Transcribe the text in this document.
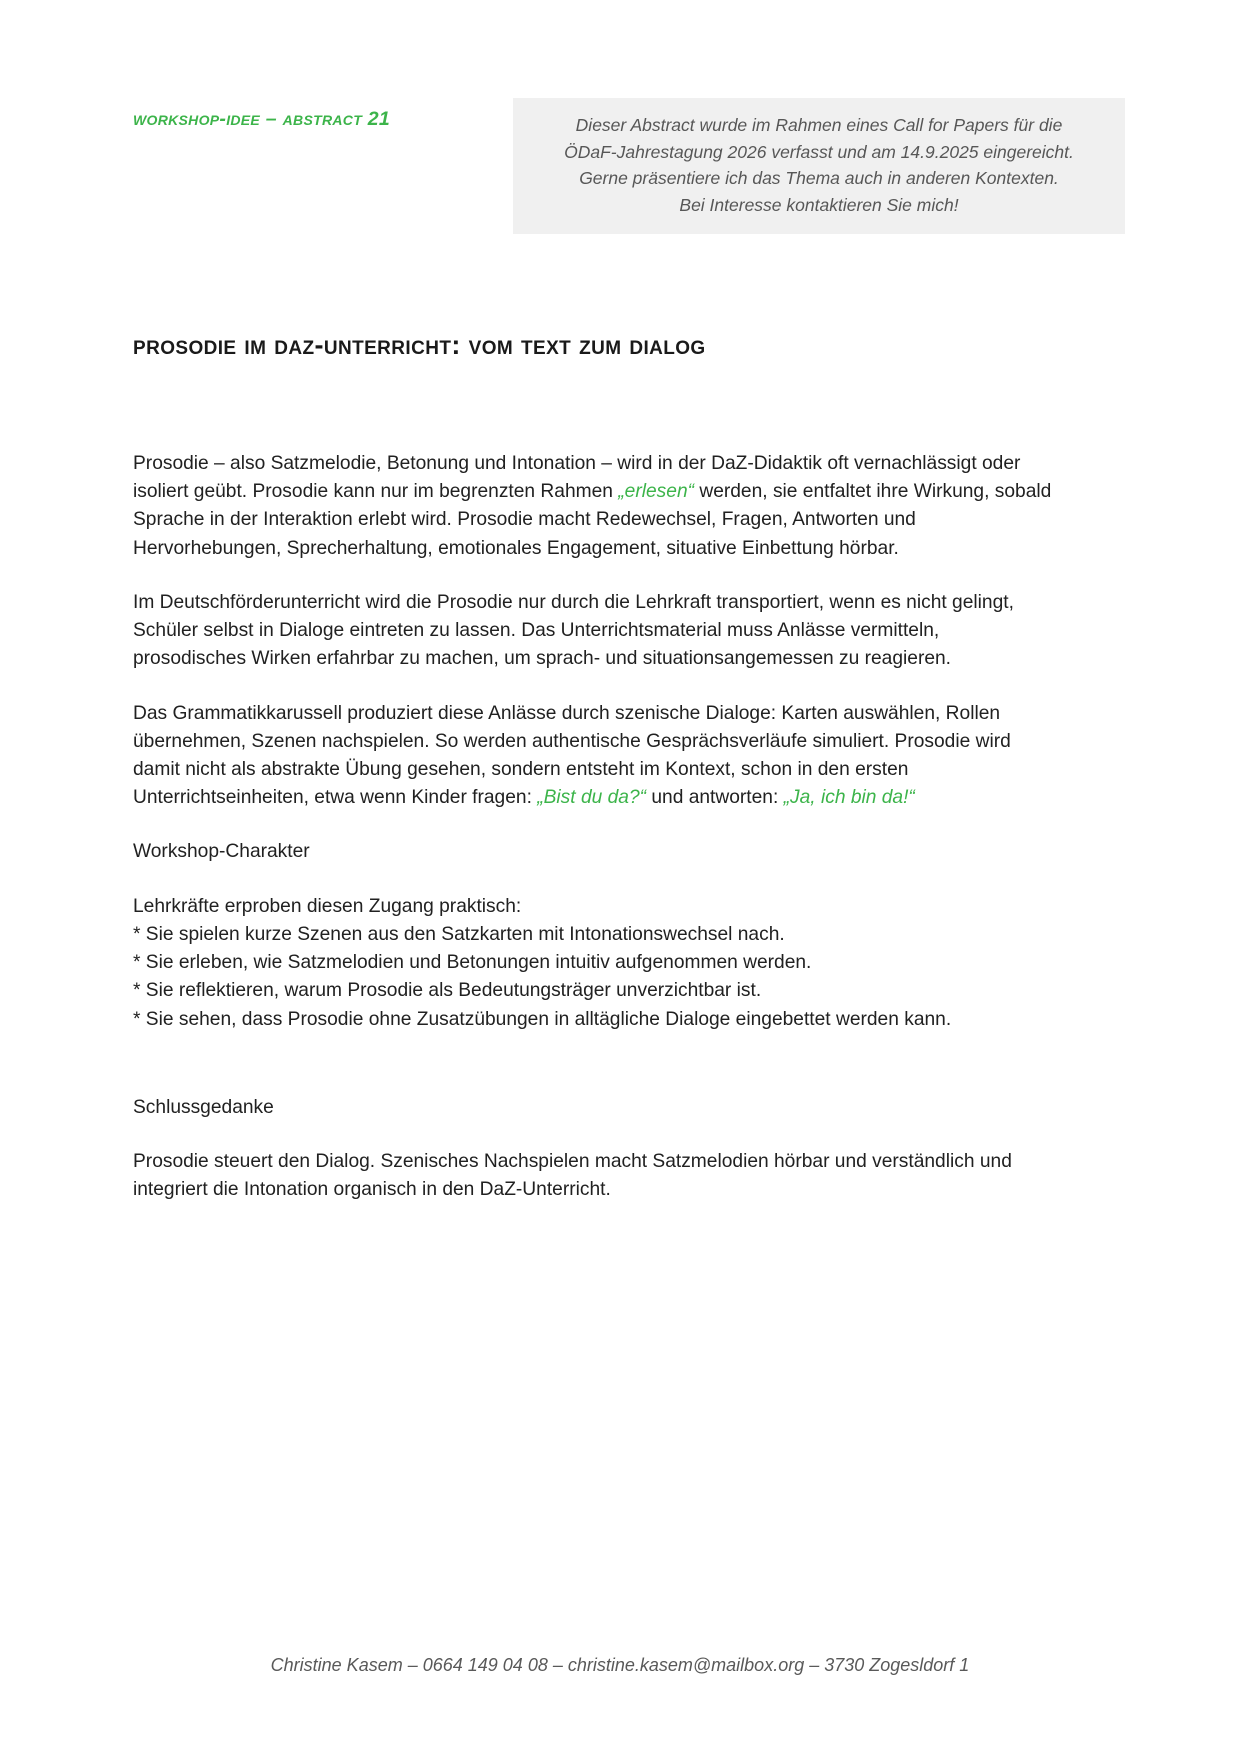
workshop-idee – abstract 21	Dieser Abstract wurde im Rahmen eines Call for Papers für die
ÖDaF-Jahrestagung 2026 verfasst und am 14.9.2025 eingereicht.
Gerne präsentiere ich das Thema auch in anderen Kontexten.
Bei Interesse kontaktieren Sie mich!
prosodie im daz-unterricht: vom text zum dialog

Prosodie – also Satzmelodie, Betonung und Intonation – wird in der DaZ-Didaktik oft vernachlässigt oder isoliert geübt. Prosodie kann nur im begrenzten Rahmen „erlesen“ werden, sie entfaltet ihre Wirkung, sobald Sprache in der Interaktion erlebt wird. Prosodie macht Redewechsel, Fragen, Antworten und Hervorhebungen, Sprecherhaltung, emotionales Engagement, situative Einbettung hörbar.

Im Deutschförderunterricht wird die Prosodie nur durch die Lehrkraft transportiert, wenn es nicht gelingt, Schüler selbst in Dialoge eintreten zu lassen. Das Unterrichtsmaterial muss Anlässe vermitteln, prosodisches Wirken erfahrbar zu machen, um sprach- und situationsangemessen zu reagieren.

Das Grammatikkarussell produziert diese Anlässe durch szenische Dialoge: Karten auswählen, Rollen übernehmen, Szenen nachspielen. So werden authentische Gesprächsverläufe simuliert. Prosodie wird damit nicht als abstrakte Übung gesehen, sondern entsteht im Kontext, schon in den ersten Unterrichtseinheiten, etwa wenn Kinder fragen: „Bist du da?“ und antworten: „Ja, ich bin da!“

Workshop-Charakter

Lehrkräfte erproben diesen Zugang praktisch:

* Sie spielen kurze Szenen aus den Satzkarten mit Intonationswechsel nach.

* Sie erleben, wie Satzmelodien und Betonungen intuitiv aufgenommen werden.

* Sie reflektieren, warum Prosodie als Bedeutungsträger unverzichtbar ist.

* Sie sehen, dass Prosodie ohne Zusatzübungen in alltägliche Dialoge eingebettet werden kann.

Schlussgedanke

Prosodie steuert den Dialog. Szenisches Nachspielen macht Satzmelodien hörbar und verständlich und integriert die Intonation organisch in den DaZ-Unterricht.

Christine Kasem – 0664 149 04 08 – christine.kasem@mailbox.org – 3730 Zogesldorf 1
